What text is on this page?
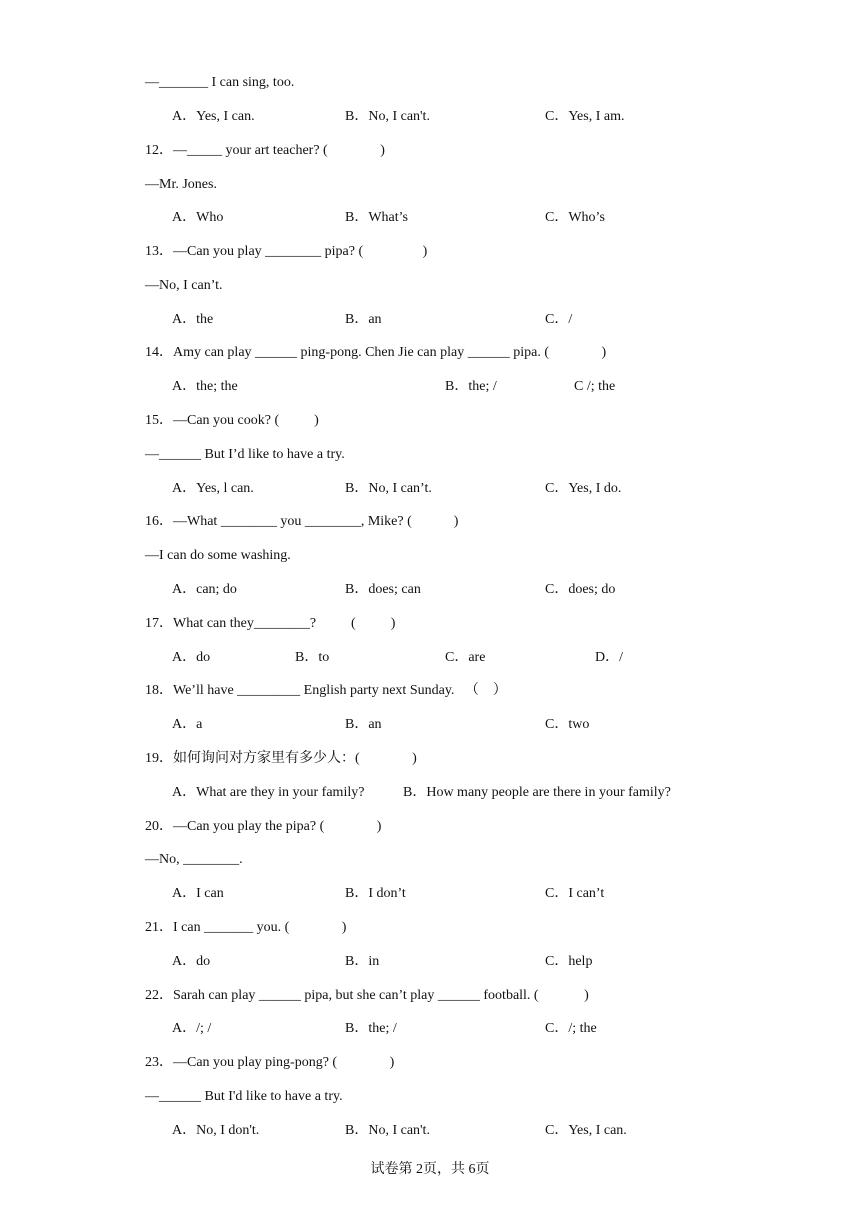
—_______ I can sing, too.
A．Yes, I can.	B．No, I can't.	C．Yes, I am.
12．—_____ your art teacher? (               )
—Mr. Jones.
A．Who	B．What’s	C．Who’s
13．—Can you play ________ pipa? (                 )
—No, I can’t.
A．the	B．an	C．/
14．Amy can play ______ ping-pong. Chen Jie can play ______ pipa. (               )
A．the; the	B．the; /	C /; the
15．—Can you cook? (          )
—______ But I’d like to have a try.
A．Yes, l can.	B．No, I can’t.	C．Yes, I do.
16．—What ________ you ________, Mike? (            )
—I can do some washing.
A．can; do	B．does; can	C．does; do
17．What can they________?          (          )
A．do	B．to	C．are	D．/
18．We’ll have _________ English party next Sunday.   （    ）
A．a	B．an	C．two
19．如何询问对方家里有多少人：(               )
A．What are they in your family?	B．How many people are there in your family?
20．—Can you play the pipa? (               )
—No, ________.
A．I can	B．I don’t	C．I can’t
21．I can _______ you. (               )
A．do	B．in	C．help
22．Sarah can play ______ pipa, but she can’t play ______ football. (             )
A．/; /	B．the; /	C．/; the
23．—Can you play ping-pong? (               )
—______ But I'd like to have a try.
A．No, I don't.	B．No, I can't.	C．Yes, I can.
试卷第 2页，共 6页
